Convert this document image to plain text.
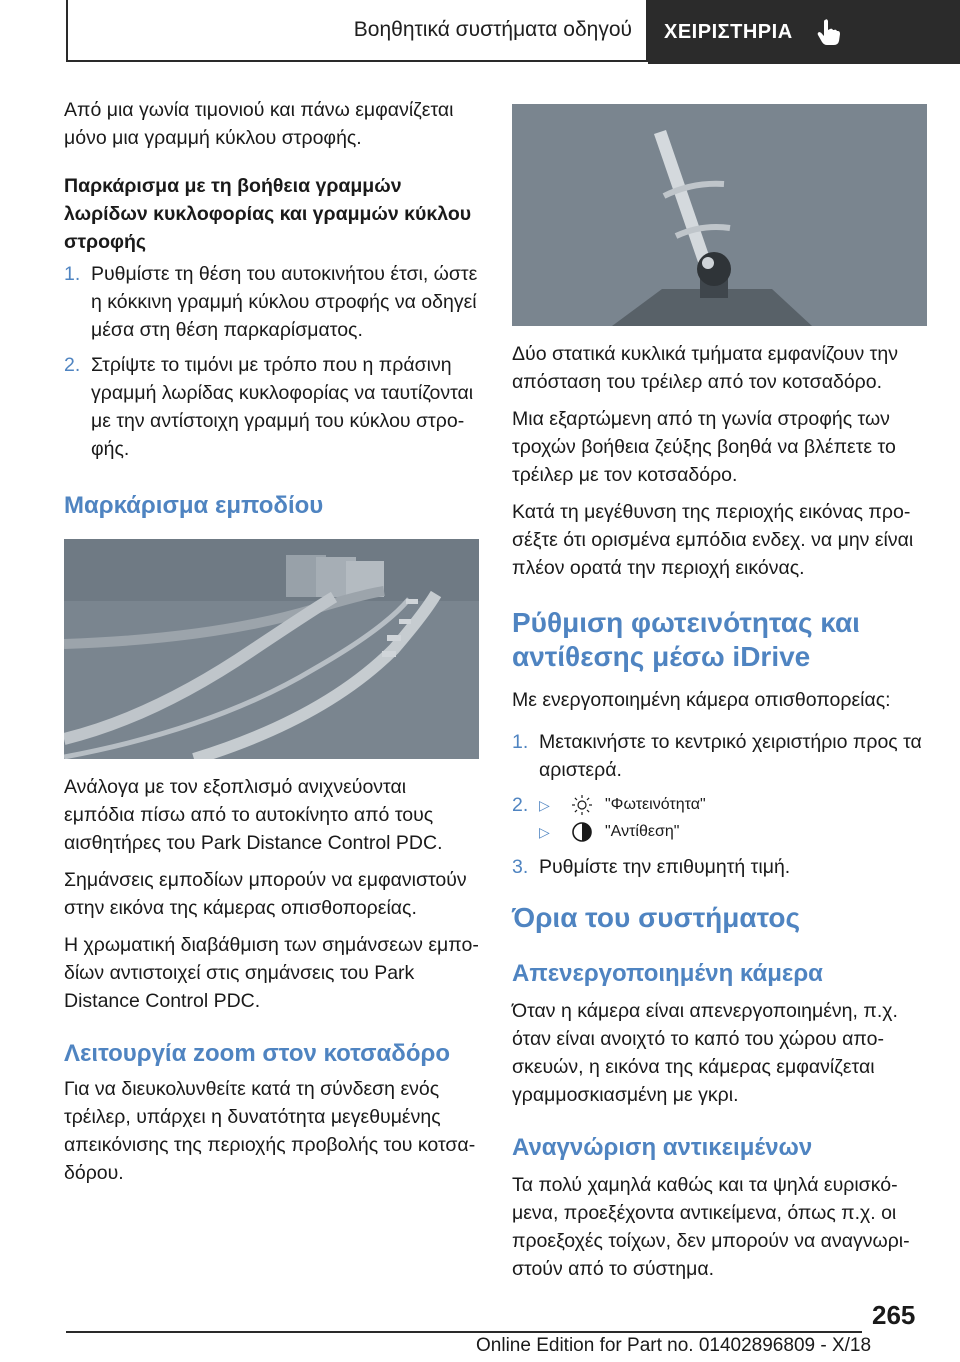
Βοηθητικά συστήματα οδηγού ΧΕΙΡΙΣΤΗΡΙΑ

Από μια γωνία τιμονιού και πάνω εμφανίζεται μόνο μια γραμμή κύκλου στροφής.

Παρκάρισμα με τη βοήθεια γραμμών λωρίδων κυκλοφορίας και γραμμών κύκλου στροφής
1. Ρυθμίστε τη θέση του αυτοκινήτου έτσι, ώστε η κόκκινη γραμμή κύκλου στροφής να οδηγεί μέσα στη θέση παρκαρίσματος.

2. Στρίψτε το τιμόνι με τρόπο που η πράσινη γραμμή λωρίδας κυκλοφορίας να ταυτίζονται με την αντίστοιχη γραμμή του κύκλου στροφής.

Μαρκάρισμα εμποδίου

Ανάλογα με τον εξοπλισμό ανιχνεύονται εμπόδια πίσω από το αυτοκίνητο από τους αισθητήρες του Park Distance Control PDC.

Σημάνσεις εμποδίων μπορούν να εμφανιστούν στην εικόνα της κάμερας οπισθοπορείας.

Η χρωματική διαβάθμιση των σημάνσεων εμποδίων αντιστοιχεί στις σημάνσεις του Park Distance Control PDC.

Λειτουργία zoom στον κοτσαδόρο

Για να διευκολυνθείτε κατά τη σύνδεση ενός τρέιλερ, υπάρχει η δυνατότητα μεγεθυμένης απεικόνισης της περιοχής προβολής του κοτσαδόρου.

Δύο στατικά κυκλικά τμήματα εμφανίζουν την απόσταση του τρέιλερ από τον κοτσαδόρο.

Μια εξαρτώμενη από τη γωνία στροφής των τροχών βοήθεια ζεύξης βοηθά να βλέπετε το τρέιλερ με τον κοτσαδόρο.

Κατά τη μεγέθυνση της περιοχής εικόνας προσέξτε ότι ορισμένα εμπόδια ενδεχ. να μην είναι πλέον ορατά την περιοχή εικόνας.

Ρύθμιση φωτεινότητας και αντίθεσης μέσω iDrive

Με ενεργοποιημένη κάμερα οπισθοπορείας:

1. Μετακινήστε το κεντρικό χειριστήριο προς τα αριστερά.

2. ▷	"Φωτεινότητα"
▷	"Αντίθεση"
3. Ρυθμίστε την επιθυμητή τιμή.

Όρια του συστήματος
Απενεργοποιημένη κάμερα

Όταν η κάμερα είναι απενεργοποιημένη, π.χ. όταν είναι ανοιχτό το καπό του χώρου αποσκευών, η εικόνα της κάμερας εμφανίζεται γραμμοσκιασμένη με γκρι.

Αναγνώριση αντικειμένων

Τα πολύ χαμηλά καθώς και τα ψηλά ευρισκόμενα, προεξέχοντα αντικείμενα, όπως π.χ. οι προεξοχές τοίχων, δεν μπορούν να αναγνωριστούν από το σύστημα.

265
Online Edition for Part no. 01402896809 - X/18
